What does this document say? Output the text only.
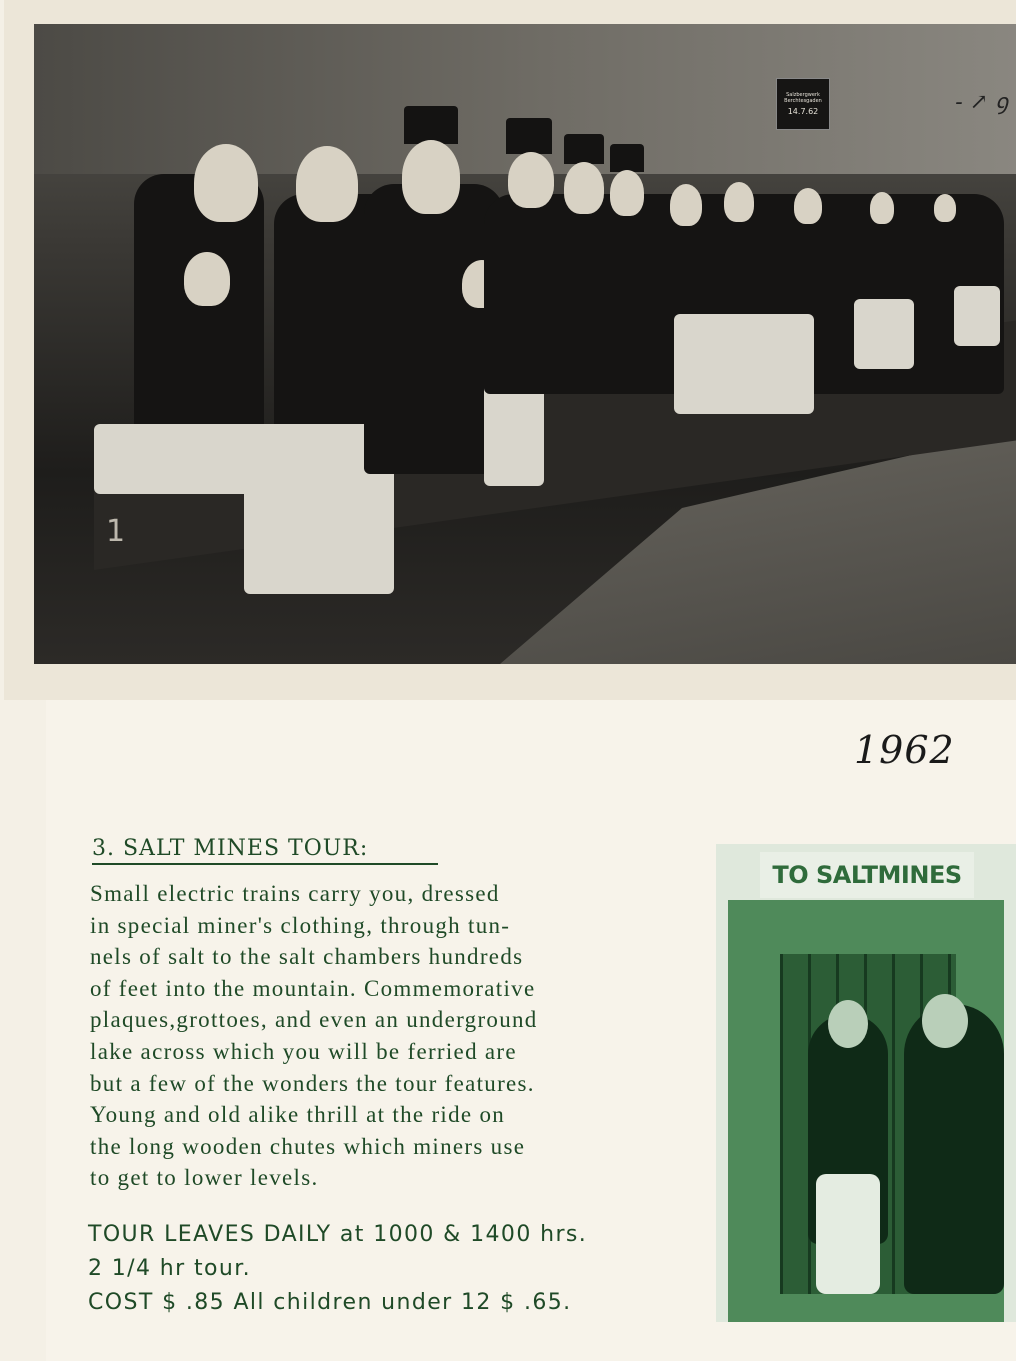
Salzbergwerk
Berchtesgaden
14.7.62	- ↗ ꝯ
1
1962
3. SALT MINES TOUR:

Small electric trains carry you, dressed
in special miner's clothing, through tun-
nels of salt to the salt chambers hundreds
of feet into the mountain. Commemorative
plaques,grottoes, and even an underground
lake across which you will be ferried are
but a few of the wonders the tour features.
Young and old alike thrill at the ride on
the long wooden chutes which miners use
to get to lower levels.

TOUR LEAVES DAILY at 1000 & 1400 hrs.
2 1/4 hr tour.
COST $ .85 All children under 12 $ .65.
TO SALTMINES
